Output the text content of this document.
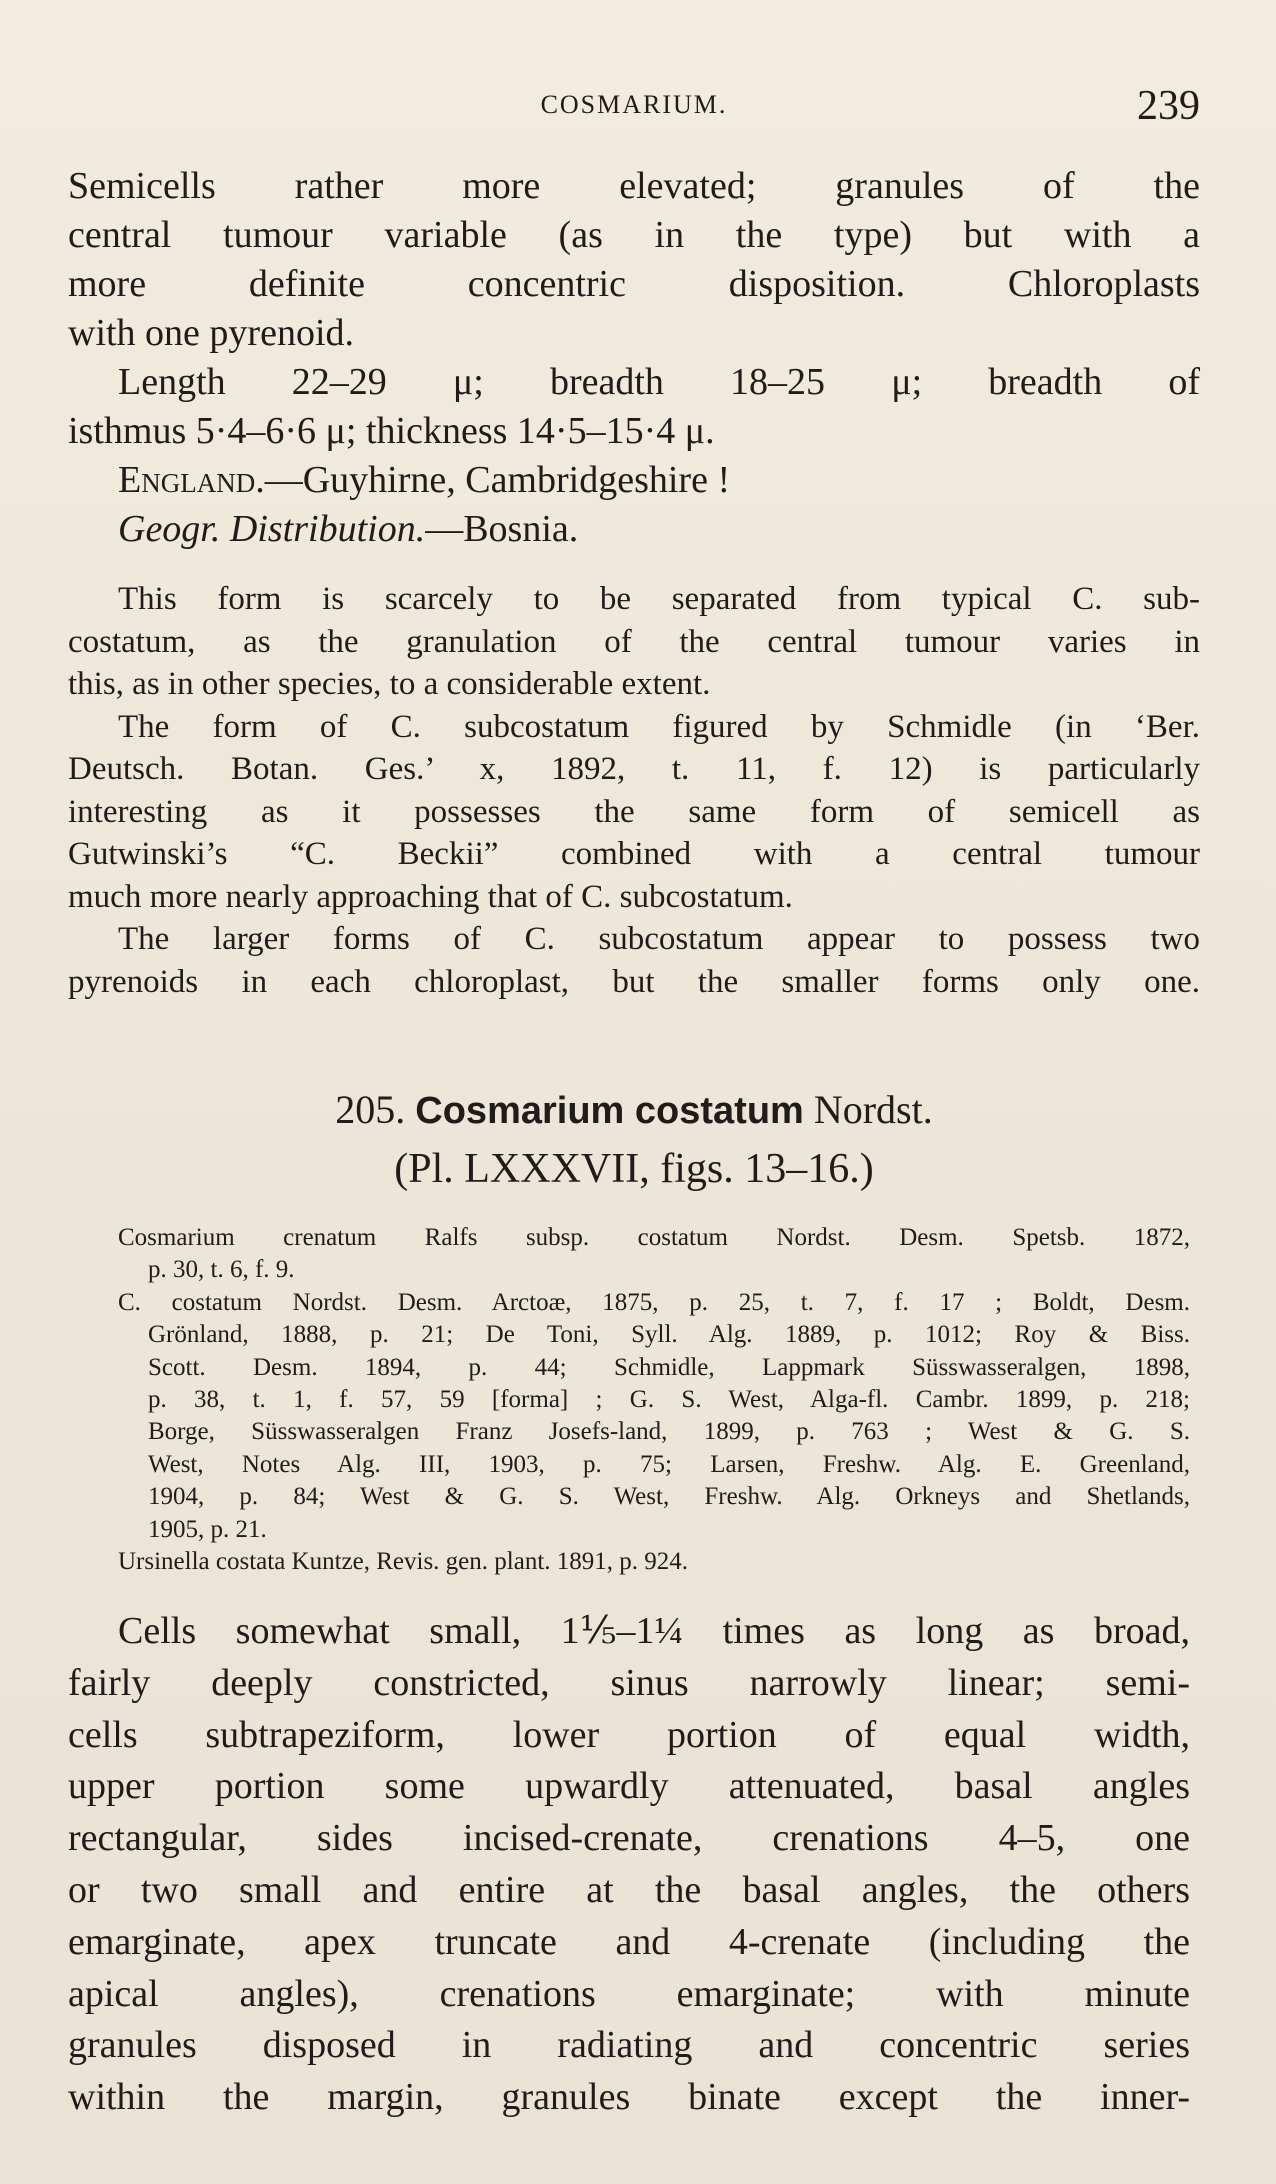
COSMARIUM.	239
Semicells rather more elevated; granules of the
central tumour variable (as in the type) but with a
more definite concentric disposition. Chloroplasts
with one pyrenoid.
Length 22–29 μ; breadth 18–25 μ; breadth of
isthmus 5·4–6·6 μ; thickness 14·5–15·4 μ.
England.—Guyhirne, Cambridgeshire !
Geogr. Distribution.—Bosnia.
This form is scarcely to be separated from typical C. sub-
costatum, as the granulation of the central tumour varies in
this, as in other species, to a considerable extent.
The form of C. subcostatum figured by Schmidle (in ‘Ber.
Deutsch. Botan. Ges.’ x, 1892, t. 11, f. 12) is particularly
interesting as it possesses the same form of semicell as
Gutwinski’s “C. Beckii” combined with a central tumour
much more nearly approaching that of C. subcostatum.
The larger forms of C. subcostatum appear to possess two
pyrenoids in each chloroplast, but the smaller forms only one.
205. Cosmarium costatum Nordst.
(Pl. LXXXVII, figs. 13–16.)
Cosmarium crenatum Ralfs subsp. costatum Nordst. Desm. Spetsb. 1872,
p. 30, t. 6, f. 9.
C. costatum Nordst. Desm. Arctoæ, 1875, p. 25, t. 7, f. 17 ; Boldt, Desm.
Grönland, 1888, p. 21; De Toni, Syll. Alg. 1889, p. 1012; Roy & Biss.
Scott. Desm. 1894, p. 44; Schmidle, Lappmark Süsswasseralgen, 1898,
p. 38, t. 1, f. 57, 59 [forma] ; G. S. West, Alga-fl. Cambr. 1899, p. 218;
Borge, Süsswasseralgen Franz Josefs-land, 1899, p. 763 ; West & G. S.
West, Notes Alg. III, 1903, p. 75; Larsen, Freshw. Alg. E. Greenland,
1904, p. 84; West & G. S. West, Freshw. Alg. Orkneys and Shetlands,
1905, p. 21.
Ursinella costata Kuntze, Revis. gen. plant. 1891, p. 924.
Cells somewhat small, 1⅕–1¼ times as long as broad,
fairly deeply constricted, sinus narrowly linear; semi-
cells subtrapeziform, lower portion of equal width,
upper portion some upwardly attenuated, basal angles
rectangular, sides incised-crenate, crenations 4–5, one
or two small and entire at the basal angles, the others
emarginate, apex truncate and 4-crenate (including the
apical angles), crenations emarginate; with minute
granules disposed in radiating and concentric series
within the margin, granules binate except the inner-
